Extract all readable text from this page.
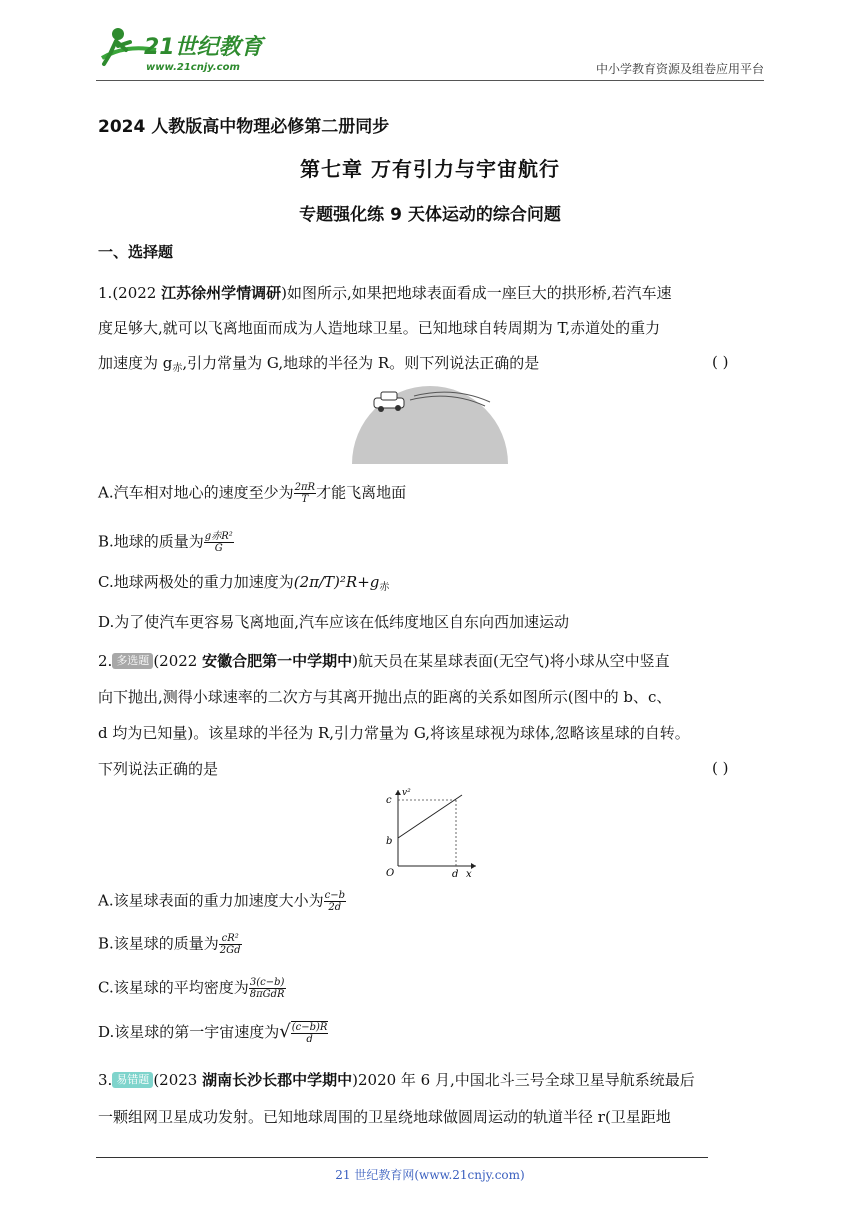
21世纪教育
www.21cnjy.com	中小学教育资源及组卷应用平台
2024 人教版高中物理必修第二册同步
第七章 万有引力与宇宙航行
专题强化练 9 天体运动的综合问题
一、选择题
1.(2022 江苏徐州学情调研)如图所示,如果把地球表面看成一座巨大的拱形桥,若汽车速
度足够大,就可以飞离地面而成为人造地球卫星。已知地球自转周期为 T,赤道处的重力
加速度为 $g_赤$,引力常量为 G,地球的半径为 R。则下列说法正确的是	( )
A.汽车相对地心的速度至少为 $\frac{2\pi R}{T}$ 才能飞离地面
B.地球的质量为 $\frac{\text{g赤R²}}{G}$
C.地球两极处的重力加速度为$(2\pi/T)^2R+g_赤$
D.为了使汽车更容易飞离地面,汽车应该在低纬度地区自东向西加速运动
2. 多选题 (2022 安徽合肥第一中学期中)航天员在某星球表面(无空气)将小球从空中竖直
向下抛出,测得小球速率的二次方与其离开抛出点的距离的关系如图所示(图中的 b、c、
d 均为已知量)。该星球的半径为 R,引力常量为 G,将该星球视为球体,忽略该星球的自转。
下列说法正确的是	( )
c
b
O	d x
v²
A.该星球表面的重力加速度大小为 $\frac{c-b}{2d}$
B.该星球的质量为 $\frac{\text{cR²}}{2Gd}$
C.该星球的平均密度为 $\frac{3(c-b)}{\text{8πGdR}}$
D.该星球的第一宇宙速度为√ $\frac{(c-b)R}{d}$
3. 易错题 (2023 湖南长沙长郡中学期中)2020 年 6 月,中国北斗三号全球卫星导航系统最后
一颗组网卫星成功发射。已知地球周围的卫星绕地球做圆周运动的轨道半径 r(卫星距地
21 世纪教育网(www.21cnjy.com)
